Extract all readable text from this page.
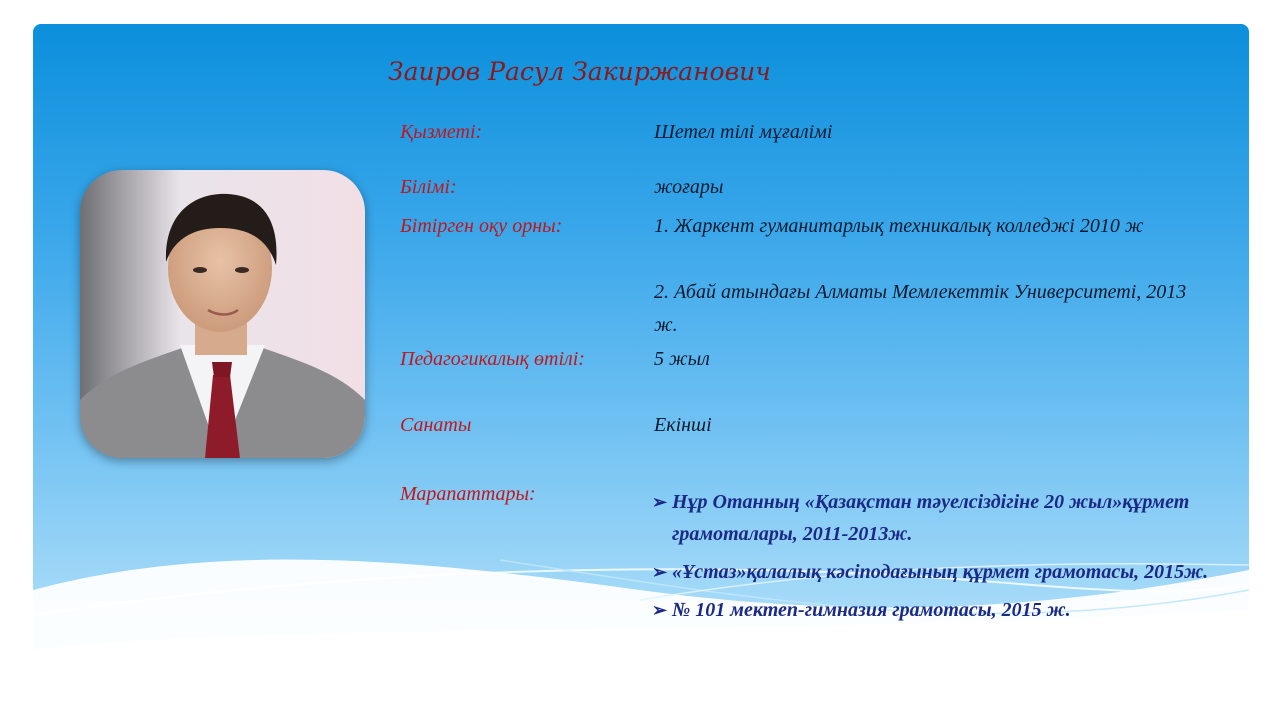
Заиров Расул Закиржанович
Қызметі:	Шетел тілі мұғалімі
Білімі:	жоғары
Бітірген оқу орны:	1. Жаркент гуманитарлық техникалық колледжі 2010 ж
2. Абай атындағы Алматы Мемлекеттік Университеті, 2013 ж.
Педагогикалық өтілі:	5 жыл
Санаты	Екінші
Марапаттары:	➢ Нұр Отанның «Қазақстан тәуелсіздігіне 20 жыл»құрмет грамоталары, 2011-2013ж.
➢ «Ұстаз»қалалық кәсіподағының құрмет грамотасы, 2015ж.
➢ № 101 мектеп-гимназия грамотасы, 2015 ж.
